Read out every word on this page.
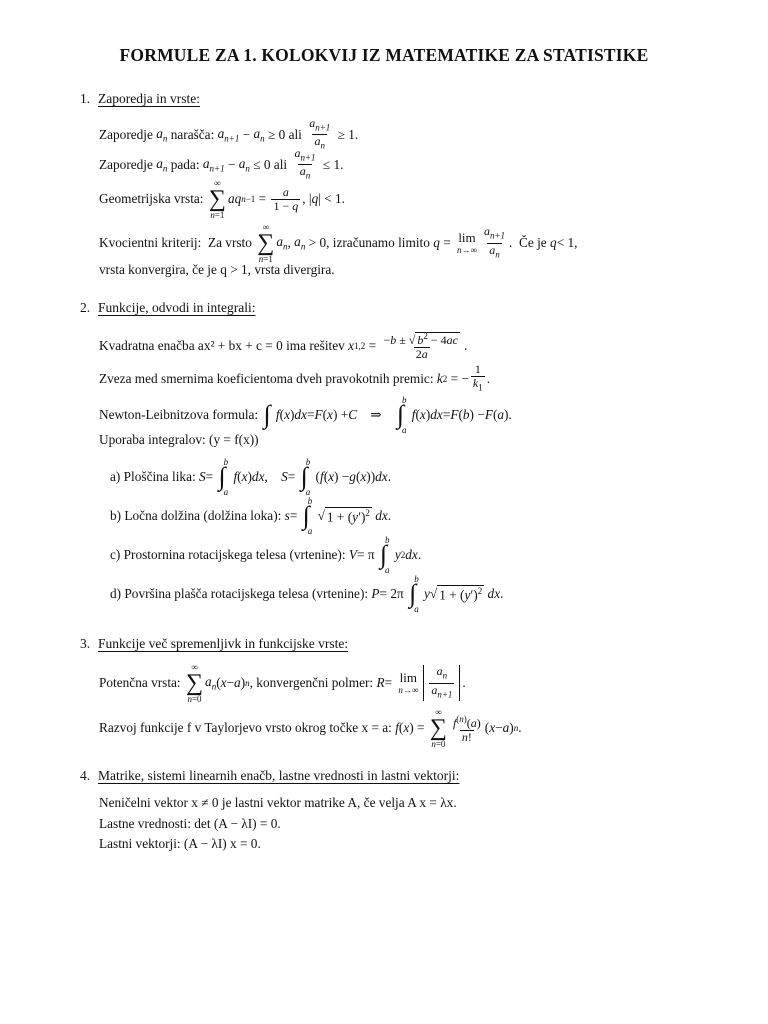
FORMULE ZA 1. KOLOKVIJ IZ MATEMATIKE ZA STATISTIKE
1. Zaporedja in vrste:
Zaporedje
$a_n$
narašča:
$a_{n+1} - a_n \ge 0$ ali
$\frac{a_{n+1}}{a_n} \ge 1$.
Zaporedje
$a_n$
pada:
$a_{n+1} - a_n \le 0$ ali $\frac{a_{n+1}}{a_n} \le 1$.
Geometrijska vrsta:

∞
∑
n=1
aq $n-1 = \frac{a}{1 - q}$ , | q | < 1.
Kvocientni kriterij:
Za vrsto

∞
∑
n=1
$a_n$ , $a_n > 0$, izračunamo limito
q = lim
$n\to\infty \frac{a_{n+1}}{a_n}$ . Če je
q < 1,
vrsta konvergira, če je q > 1, vrsta divergira.
2. Funkcije, odvodi in integrali:
Kvadratna enačba ax² + bx + c = 0 ima rešitev
x $1,2 = \frac{-b \pm √ b^2 - 4ac}{2a}$ .
Zveza med smernima koeficientoma dveh pravokotnih premic:
k 2 = − $\frac{1}{k_1}$ .
Newton-Leibnitzova formula:
∫
f ( x ) dx = F ( x ) + C ⇒ ∫
b
a

f ( x ) dx = F ( b ) − F ( a ).
Uporaba integralov: (y = f(x))
a) Ploščina lika:
S = ∫
b
a

f ( x ) dx , S = ∫
b
a
( f ( x ) − g ( x )) dx .
b) Ločna dolžina (dolžina loka):
s = ∫
b
a
√ $1 + (y')^2$
dx .
c) Prostornina rotacijskega telesa (vrtenine):
V = π ∫
b
a

y 2 dx .
d) Površina plašča rotacijskega telesa (vrtenine):
P = 2π ∫
b
a

y √ $1 + (y')^2$
dx .
3. Funkcije več spremenljivk in funkcijske vrste:
Potenčna vrsta:

∞
∑
n=0
$a_n$ ( x − a ) n , konvergenčni polmer:
R = lim
$n\to\infty \frac{a_n}{a_{n+1}}$ .
Razvoj funkcije f v Taylorjevo vrsto okrog točke x = a:
f ( x ) =
∞
∑
n=0
$\frac{f^{(n)}(a)}{n!}$ ( x − a ) n .
4. Matrike, sistemi linearnih enačb, lastne vrednosti in lastni vektorji:
Neničelni vektor x ≠ 0 je lastni vektor matrike A, če velja A x = λx.
Lastne vrednosti: det (A − λI) = 0.
Lastni vektorji: (A − λI) x = 0.
